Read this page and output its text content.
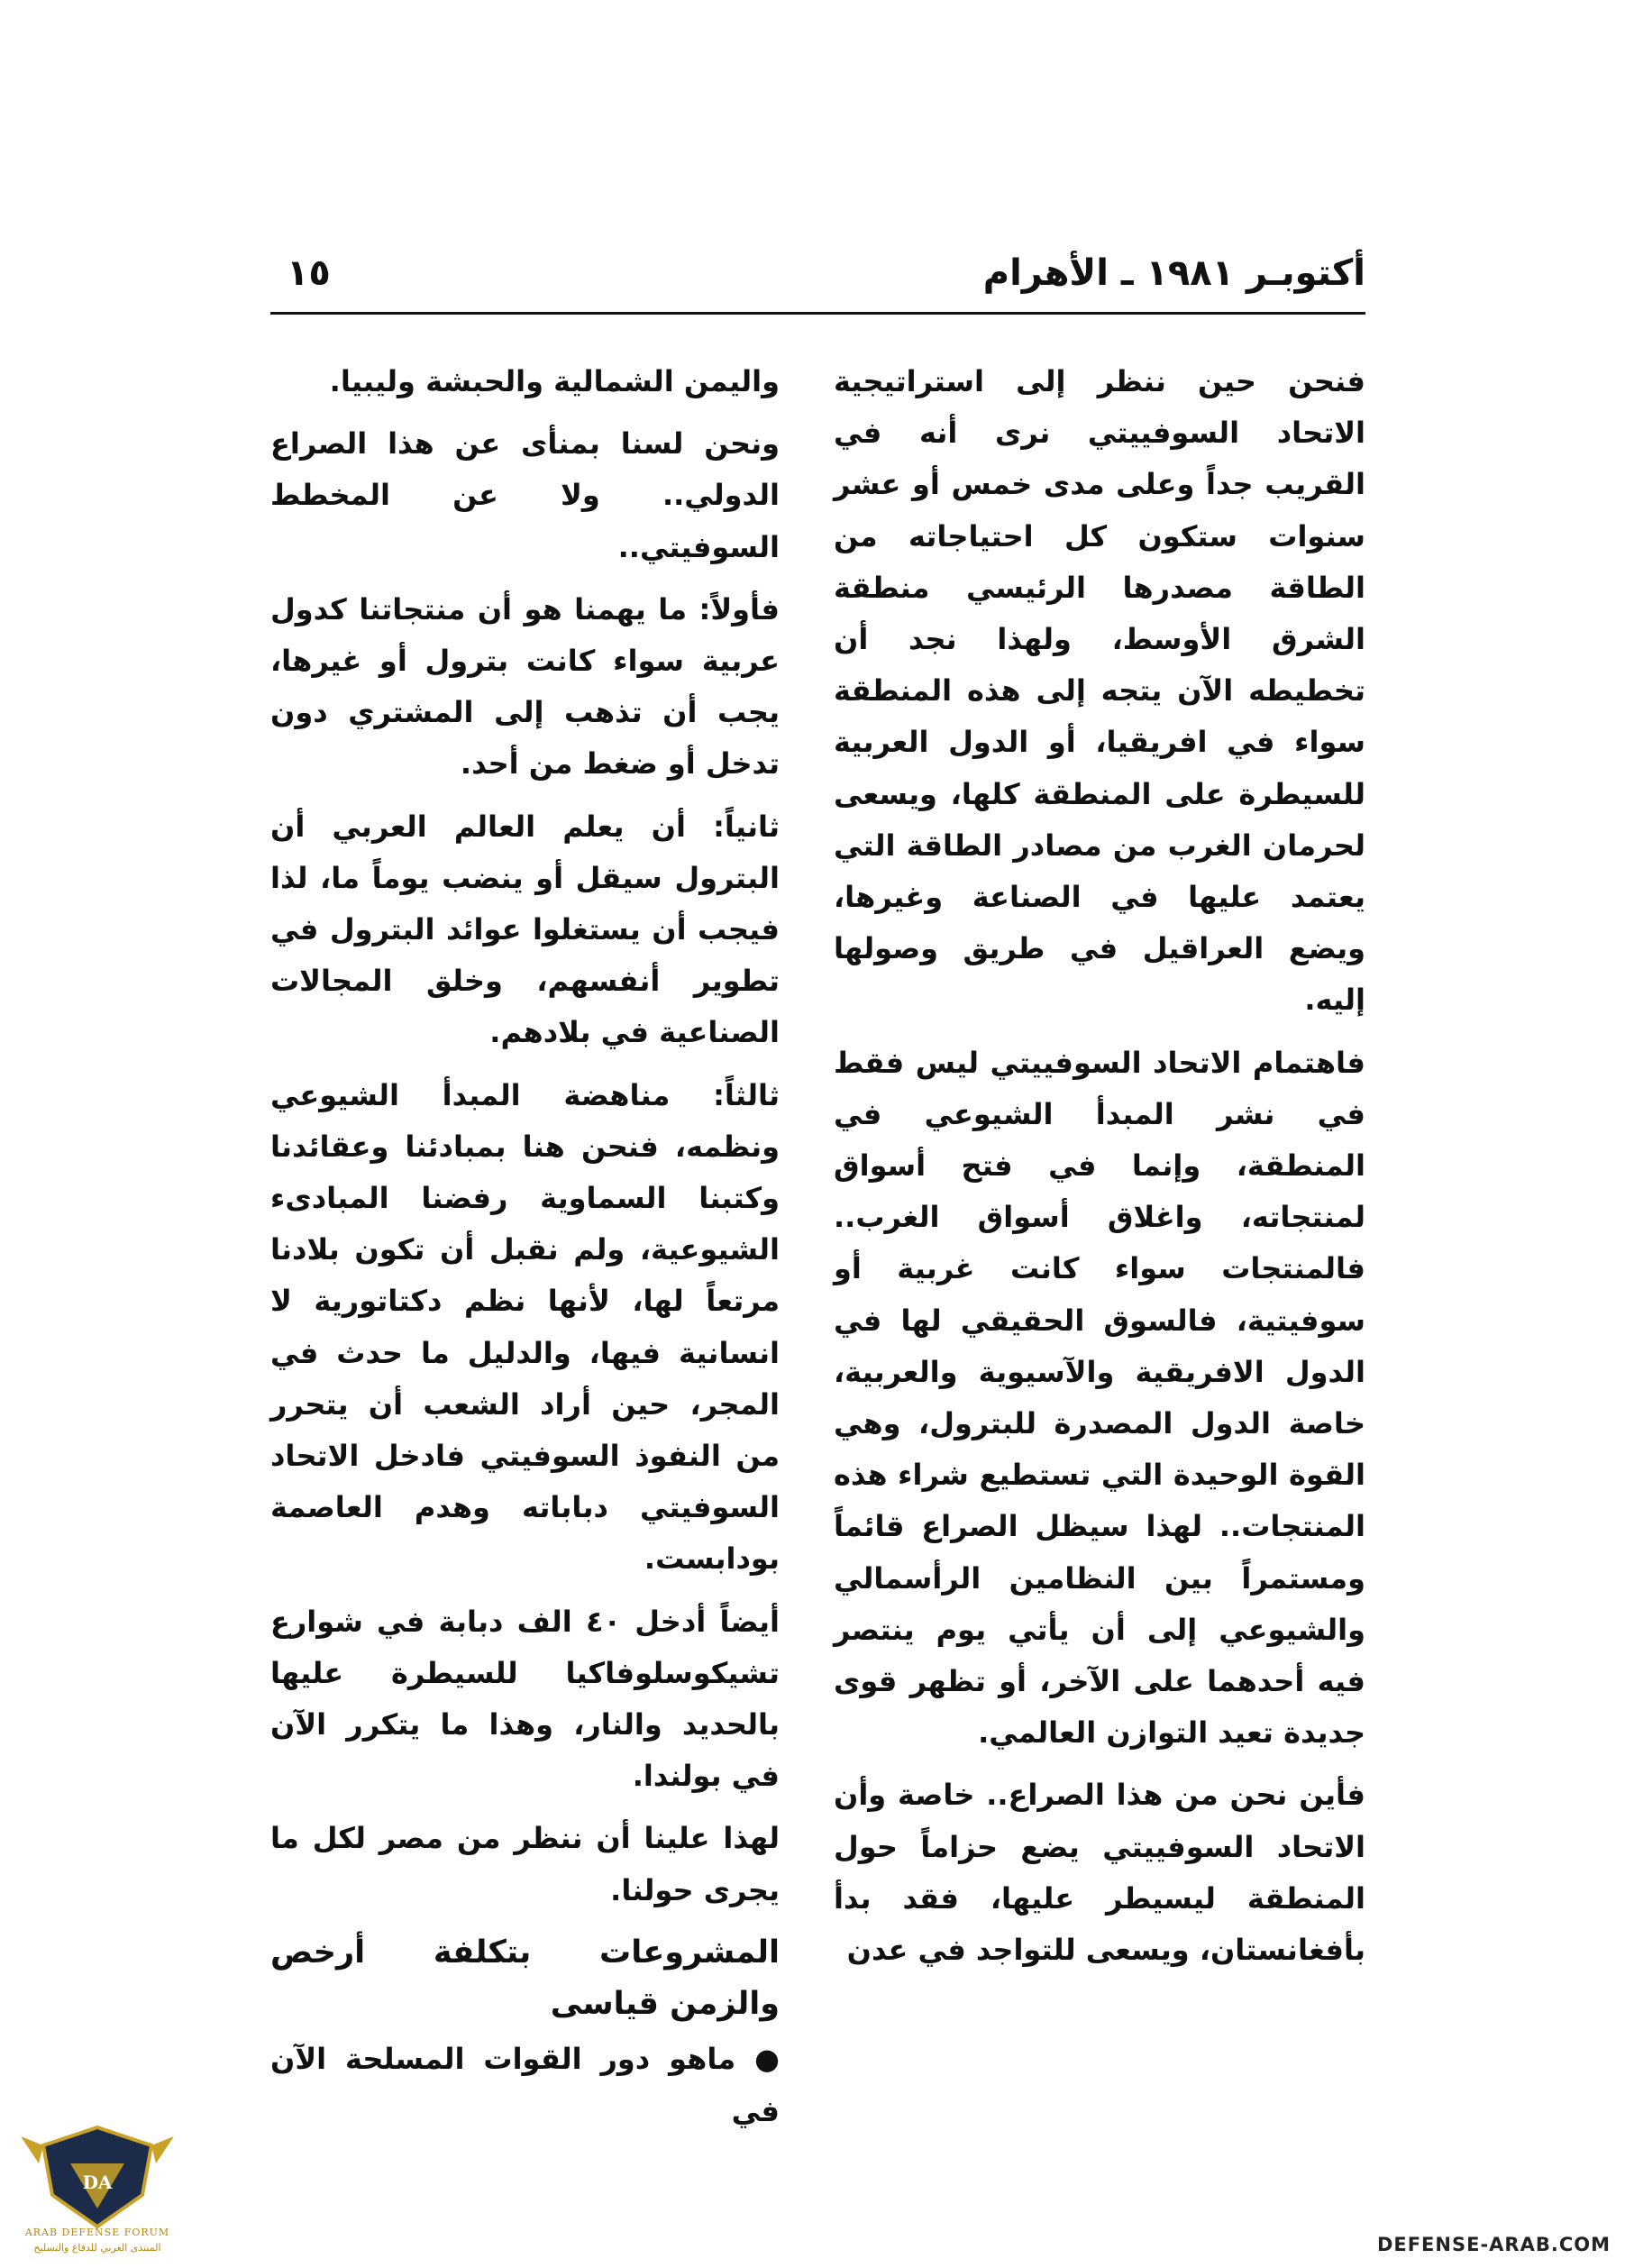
أكتوبـر ١٩٨١ ـ الأهرام
١٥

فنحن حين ننظر إلى استراتيجية الاتحاد السوفييتي نرى أنه في القريب جداً وعلى مدى خمس أو عشر سنوات ستكون كل احتياجاته من الطاقة مصدرها الرئيسي منطقة الشرق الأوسط، ولهذا نجد أن تخطيطه الآن يتجه إلى هذه المنطقة سواء في افريقيا، أو الدول العربية للسيطرة على المنطقة كلها، ويسعى لحرمان الغرب من مصادر الطاقة التي يعتمد عليها في الصناعة وغيرها، ويضع العراقيل في طريق وصولها إليه.

فاهتمام الاتحاد السوفييتي ليس فقط في نشر المبدأ الشيوعي في المنطقة، وإنما في فتح أسواق لمنتجاته، واغلاق أسواق الغرب.. فالمنتجات سواء كانت غربية أو سوفيتية، فالسوق الحقيقي لها في الدول الافريقية والآسيوية والعربية، خاصة الدول المصدرة للبترول، وهي القوة الوحيدة التي تستطيع شراء هذه المنتجات.. لهذا سيظل الصراع قائماً ومستمراً بين النظامين الرأسمالي والشيوعي إلى أن يأتي يوم ينتصر فيه أحدهما على الآخر، أو تظهر قوى جديدة تعيد التوازن العالمي.

فأين نحن من هذا الصراع.. خاصة وأن الاتحاد السوفييتي يضع حزاماً حول المنطقة ليسيطر عليها، فقد بدأ بأفغانستان، ويسعى للتواجد في عدن

واليمن الشمالية والحبشة وليبيا.

ونحن لسنا بمنأى عن هذا الصراع الدولي.. ولا عن المخطط السوفيتي..

فأولاً: ما يهمنا هو أن منتجاتنا كدول عربية سواء كانت بترول أو غيرها، يجب أن تذهب إلى المشتري دون تدخل أو ضغط من أحد.

ثانياً: أن يعلم العالم العربي أن البترول سيقل أو ينضب يوماً ما، لذا فيجب أن يستغلوا عوائد البترول في تطوير أنفسهم، وخلق المجالات الصناعية في بلادهم.

ثالثاً: مناهضة المبدأ الشيوعي ونظمه، فنحن هنا بمبادئنا وعقائدنا وكتبنا السماوية رفضنا المبادىء الشيوعية، ولم نقبل أن تكون بلادنا مرتعاً لها، لأنها نظم دكتاتورية لا انسانية فيها، والدليل ما حدث في المجر، حين أراد الشعب أن يتحرر من النفوذ السوفيتي فادخل الاتحاد السوفيتي دباباته وهدم العاصمة بودابست.

أيضاً أدخل ٤٠ الف دبابة في شوارع تشيكوسلوفاكيا للسيطرة عليها بالحديد والنار، وهذا ما يتكرر الآن في بولندا.

لهذا علينا أن ننظر من مصر لكل ما يجرى حولنا.

المشروعات بتكلفة أرخص والزمن قياسى

● ماهو دور القوات المسلحة الآن في

DA
ARAB DEFENSE FORUM
المنتدى العربي للدفاع والتسليح	DEFENSE-ARAB.COM
